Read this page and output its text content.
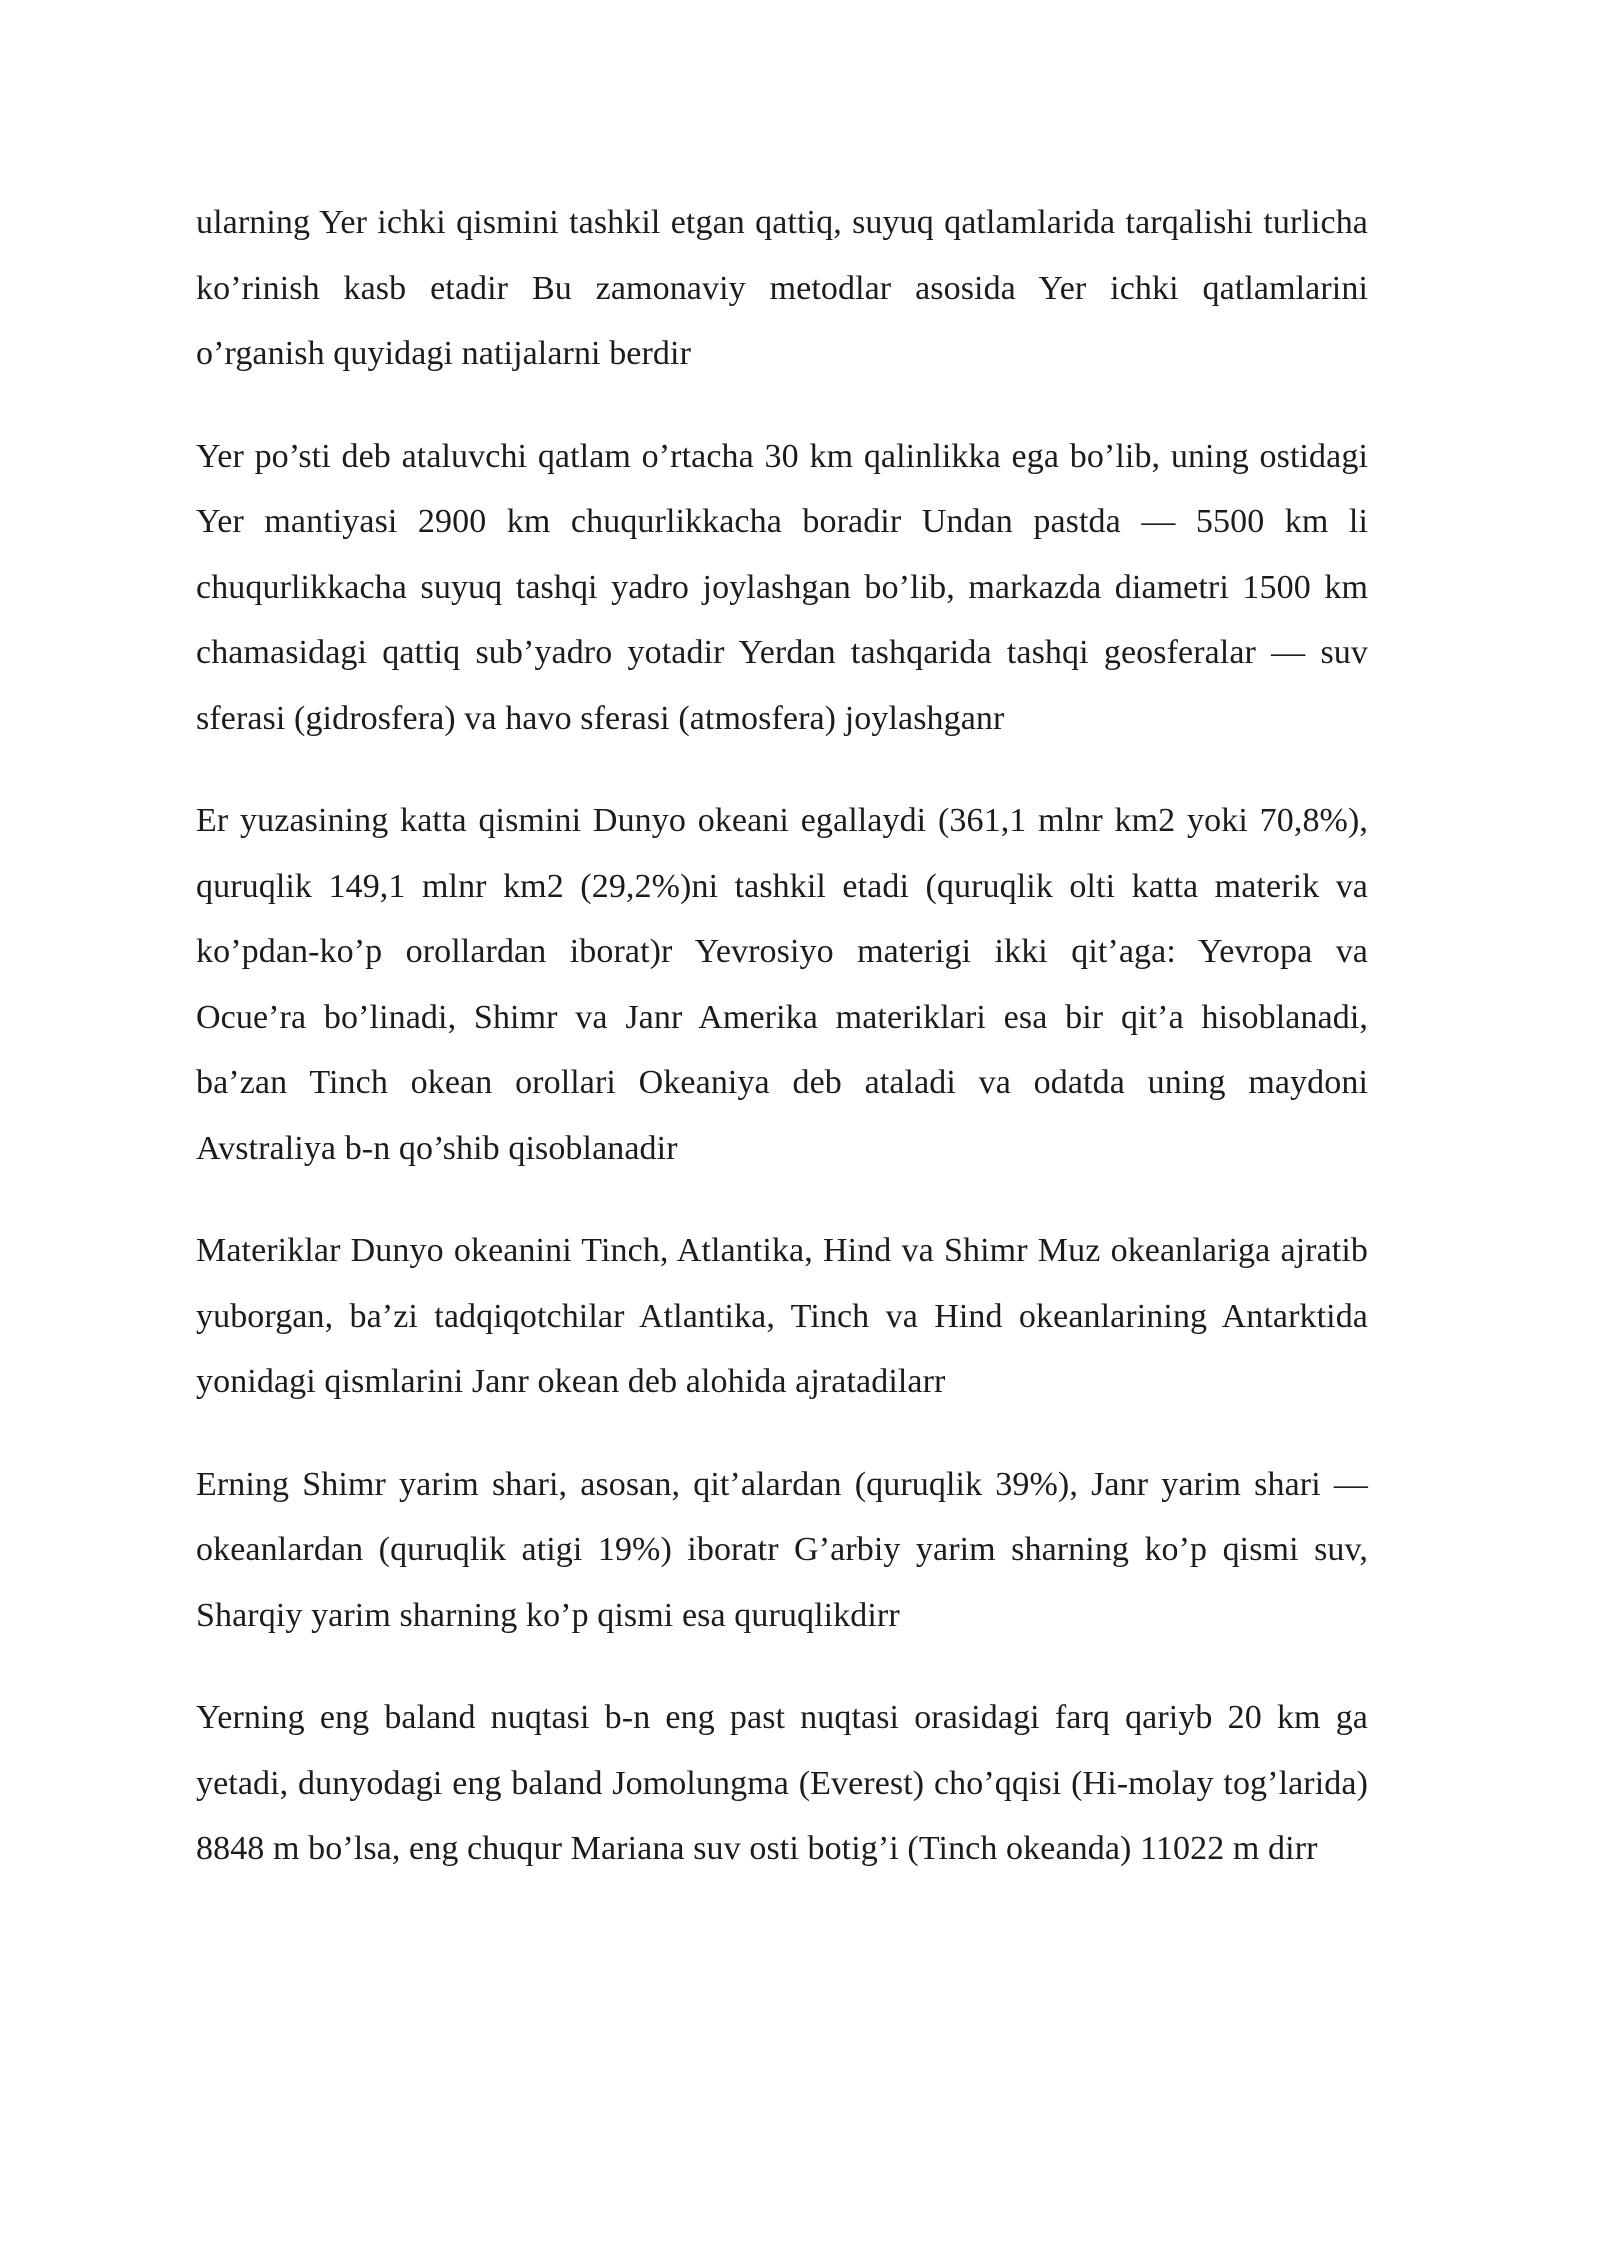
ularning Yer ichki qismini tashkil etgan qattiq, suyuq qatlamlarida tarqalishi turlicha ko’rinish kasb etadir Bu zamonaviy metodlar asosida Yer ichki qatlamlarini o’rganish quyidagi natijalarni berdir

Yer po’sti deb ataluvchi qatlam o’rtacha 30 km qalinlikka ega bo’lib, uning ostidagi Yer mantiyasi 2900 km chuqurlikkacha boradir Undan pastda — 5500 km li chuqurlikkacha suyuq tashqi yadro joylashgan bo’lib, markazda diametri 1500 km chamasidagi qattiq sub’yadro yotadir Yerdan tashqarida tashqi geosferalar — suv sferasi (gidrosfera) va havo sferasi (atmosfera) joylashganr

Er yuzasining katta qismini Dunyo okeani egallaydi (361,1 mlnr km2 yoki 70,8%), quruqlik 149,1 mlnr km2 (29,2%)ni tashkil etadi (quruqlik olti katta materik va ko’pdan-ko’p orollardan iborat)r Yevrosiyo materigi ikki qit’aga: Yevropa va Ocue’ra bo’linadi, Shimr va Janr Amerika materiklari esa bir qit’a hisoblanadi, ba’zan Tinch okean orollari Okeaniya deb ataladi va odatda uning maydoni Avstraliya b-n qo’shib qisoblanadir

Materiklar Dunyo okeanini Tinch, Atlantika, Hind va Shimr Muz okeanlariga ajratib yuborgan, ba’zi tadqiqotchilar Atlantika, Tinch va Hind okeanlarining Antarktida yonidagi qismlarini Janr okean deb alohida ajratadilarr

Erning Shimr yarim shari, asosan, qit’alardan (quruqlik 39%), Janr yarim shari — okeanlardan (quruqlik atigi 19%) iboratr G’arbiy yarim sharning ko’p qismi suv, Sharqiy yarim sharning ko’p qismi esa quruqlikdirr

Yerning eng baland nuqtasi b-n eng past nuqtasi orasidagi farq qariyb 20 km ga yetadi, dunyodagi eng baland Jomolungma (Everest) cho’qqisi (Hi-molay tog’larida) 8848 m bo’lsa, eng chuqur Mariana suv osti botig’i (Tinch okeanda) 11022 m dirr
